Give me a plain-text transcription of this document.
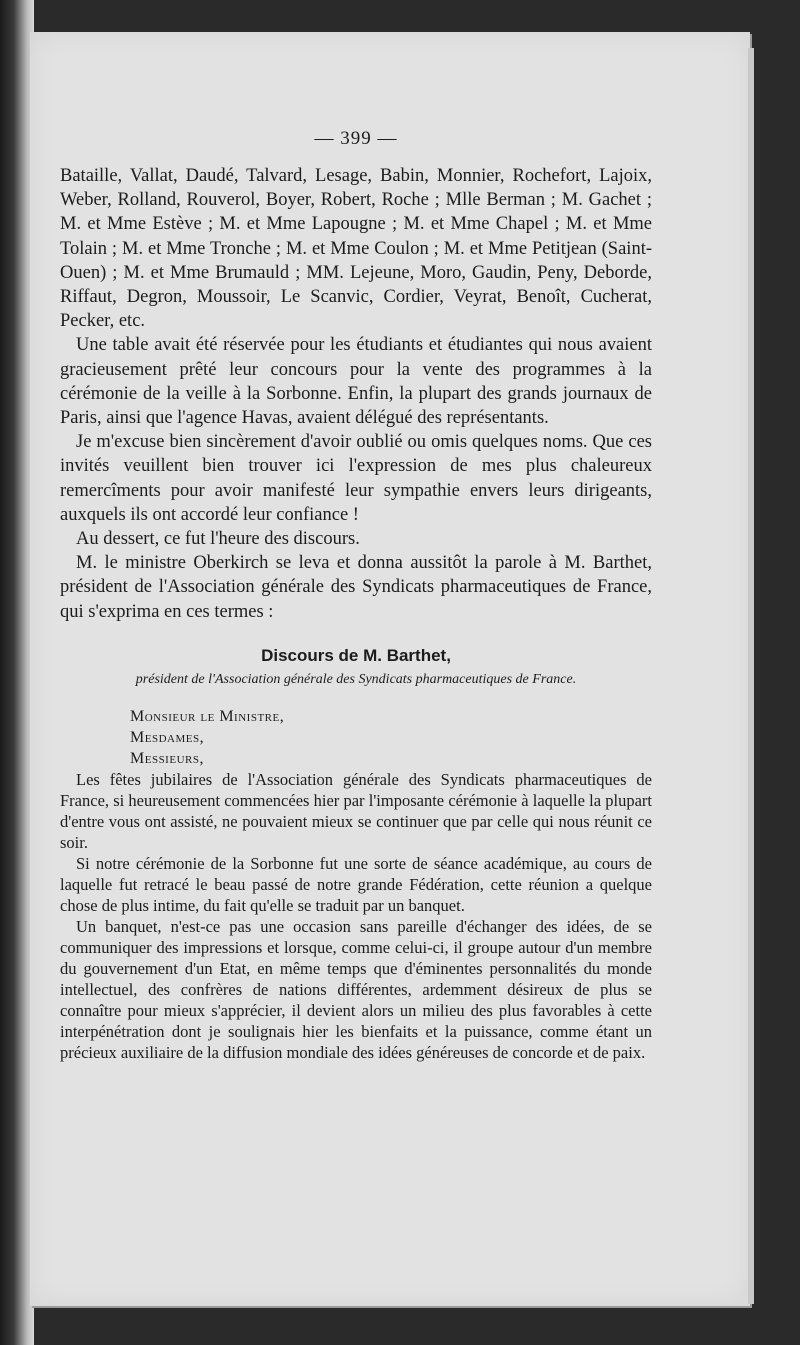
— 399 —

Bataille, Vallat, Daudé, Talvard, Lesage, Babin, Monnier, Rochefort, Lajoix, Weber, Rolland, Rouverol, Boyer, Robert, Roche ; Mlle Berman ; M. Gachet ; M. et Mme Estève ; M. et Mme Lapougne ; M. et Mme Chapel ; M. et Mme Tolain ; M. et Mme Tronche ; M. et Mme Coulon ; M. et Mme Petitjean (Saint-Ouen) ; M. et Mme Brumauld ; MM. Lejeune, Moro, Gaudin, Peny, Deborde, Riffaut, Degron, Moussoir, Le Scanvic, Cordier, Veyrat, Benoît, Cucherat, Pecker, etc.

Une table avait été réservée pour les étudiants et étudiantes qui nous avaient gracieusement prêté leur concours pour la vente des programmes à la cérémonie de la veille à la Sorbonne. Enfin, la plupart des grands journaux de Paris, ainsi que l'agence Havas, avaient délégué des représentants.

Je m'excuse bien sincèrement d'avoir oublié ou omis quelques noms. Que ces invités veuillent bien trouver ici l'expression de mes plus chaleureux remercîments pour avoir manifesté leur sympathie envers leurs dirigeants, auxquels ils ont accordé leur confiance !

Au dessert, ce fut l'heure des discours.

M. le ministre Oberkirch se leva et donna aussitôt la parole à M. Barthet, président de l'Association générale des Syndicats pharmaceutiques de France, qui s'exprima en ces termes :

Discours de M. Barthet,
président de l'Association générale des Syndicats pharmaceutiques de France.
Monsieur le Ministre,
Mesdames,
Messieurs,

Les fêtes jubilaires de l'Association générale des Syndicats pharmaceutiques de France, si heureusement commencées hier par l'imposante cérémonie à laquelle la plupart d'entre vous ont assisté, ne pouvaient mieux se continuer que par celle qui nous réunit ce soir.

Si notre cérémonie de la Sorbonne fut une sorte de séance académique, au cours de laquelle fut retracé le beau passé de notre grande Fédération, cette réunion a quelque chose de plus intime, du fait qu'elle se traduit par un banquet.

Un banquet, n'est-ce pas une occasion sans pareille d'échanger des idées, de se communiquer des impressions et lorsque, comme celui-ci, il groupe autour d'un membre du gouvernement d'un Etat, en même temps que d'éminentes personnalités du monde intellectuel, des confrères de nations différentes, ardemment désireux de plus se connaître pour mieux s'apprécier, il devient alors un milieu des plus favorables à cette interpénétration dont je soulignais hier les bienfaits et la puissance, comme étant un précieux auxiliaire de la diffusion mondiale des idées généreuses de concorde et de paix.
